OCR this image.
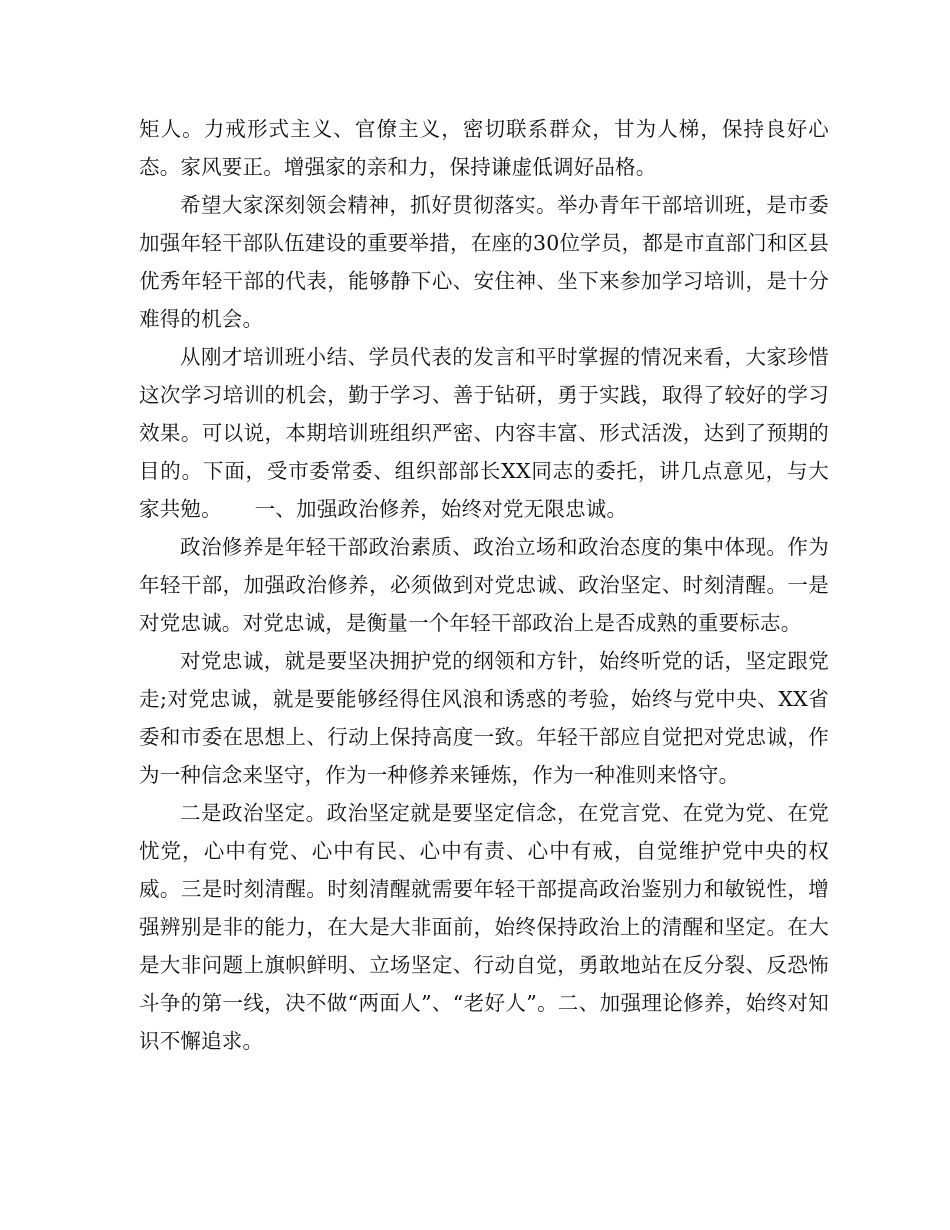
矩人。力戒形式主义、官僚主义，密切联系群众，甘为人梯，保持良好心态。家风要正。增强家的亲和力，保持谦虚低调好品格。

希望大家深刻领会精神，抓好贯彻落实。举办青年干部培训班，是市委加强年轻干部队伍建设的重要举措，在座的30位学员，都是市直部门和区县优秀年轻干部的代表，能够静下心、安住神、坐下来参加学习培训，是十分难得的机会。

从刚才培训班小结、学员代表的发言和平时掌握的情况来看，大家珍惜这次学习培训的机会，勤于学习、善于钻研，勇于实践，取得了较好的学习效果。可以说，本期培训班组织严密、内容丰富、形式活泼，达到了预期的目的。下面，受市委常委、组织部部长XX同志的委托，讲几点意见，与大家共勉。 一、加强政治修养，始终对党无限忠诚。

政治修养是年轻干部政治素质、政治立场和政治态度的集中体现。作为年轻干部，加强政治修养，必须做到对党忠诚、政治坚定、时刻清醒。一是对党忠诚。对党忠诚，是衡量一个年轻干部政治上是否成熟的重要标志。

对党忠诚，就是要坚决拥护党的纲领和方针，始终听党的话，坚定跟党走;对党忠诚，就是要能够经得住风浪和诱惑的考验，始终与党中央、XX省委和市委在思想上、行动上保持高度一致。年轻干部应自觉把对党忠诚，作为一种信念来坚守，作为一种修养来锤炼，作为一种准则来恪守。

二是政治坚定。政治坚定就是要坚定信念，在党言党、在党为党、在党忧党，心中有党、心中有民、心中有责、心中有戒，自觉维护党中央的权威。三是时刻清醒。时刻清醒就需要年轻干部提高政治鉴别力和敏锐性，增强辨别是非的能力，在大是大非面前，始终保持政治上的清醒和坚定。在大是大非问题上旗帜鲜明、立场坚定、行动自觉，勇敢地站在反分裂、反恐怖斗争的第一线，决不做“两面人”、“老好人”。二、加强理论修养，始终对知识不懈追求。
